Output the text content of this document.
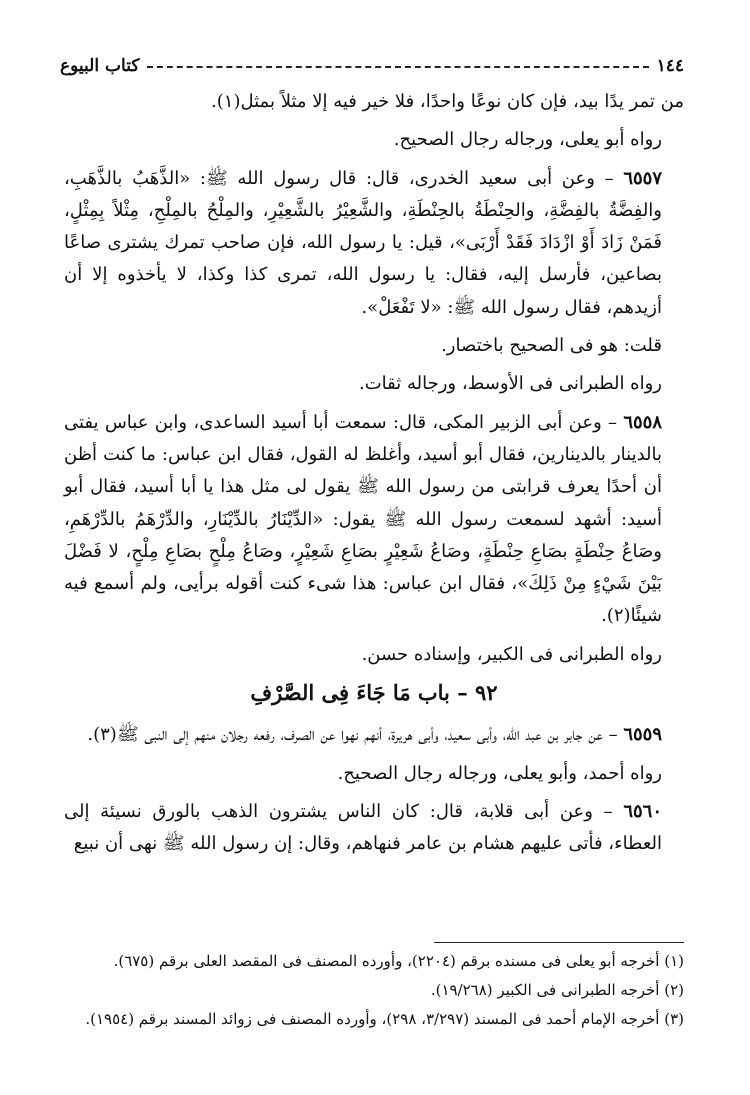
١٤٤
كتاب البيوع

من تمر يدًا بيد، فإن كان نوعًا واحدًا، فلا خير فيه إلا مثلاً بمثل(١).

رواه أبو يعلى، ورجاله رجال الصحيح.

٦٥٥٧ – وعن أبى سعيد الخدرى، قال: قال رسول الله ﷺ: «الذَّهَبُ بالذَّهَبِ، والفِضَّةُ بالفِضَّةِ، والحِنْطَةُ بالحِنْطَةِ، والشَّعِيْرُ بالشَّعِيْرِ، والمِلْحُ بالمِلْحِ، مِثْلاً بِمِثْلٍ، فَمَنْ زَادَ أَوْ ازْدَادَ فَقَدْ أَرْبَى»، قيل: يا رسول الله، فإن صاحب تمرك يشترى صاعًا بصاعين، فأرسل إليه، فقال: يا رسول الله، تمرى كذا وكذا، لا يأخذوه إلا أن أزيدهم، فقال رسول الله ﷺ: «لا تَفْعَلْ».

قلت: هو فى الصحيح باختصار.

رواه الطبرانى فى الأوسط، ورجاله ثقات.

٦٥٥٨ – وعن أبى الزبير المكى، قال: سمعت أبا أسيد الساعدى، وابن عباس يفتى بالدينار بالدينارين، فقال أبو أسيد، وأغلظ له القول، فقال ابن عباس: ما كنت أظن أن أحدًا يعرف قرابتى من رسول الله ﷺ يقول لى مثل هذا يا أبا أسيد، فقال أبو أسيد: أشهد لسمعت رسول الله ﷺ يقول: «الدِّيْنَارُ بالدِّيْنَارِ، والدِّرْهَمُ بالدِّرْهَمِ، وصَاعُ حِنْطَةٍ بصَاعِ حِنْطَةٍ، وصَاعُ شَعِيْرٍ بصَاعِ شَعِيْرٍ، وصَاعُ مِلْحٍ بصَاعِ مِلْحٍ، لا فَضْلَ بَيْنَ شَيْءٍ مِنْ ذَلِكَ»، فقال ابن عباس: هذا شىء كنت أقوله برأيى، ولم أسمع فيه شيئًا(٢).

رواه الطبرانى فى الكبير، وإسناده حسن.

٩٢ – باب مَا جَاءَ فِى الصَّرْفِ

٦٥٥٩ – عن جابر بن عبد الله، وأبى سعيد، وأبى هريرة، أنهم نهوا عن الصرف، رفعه رجلان منهم إلى النبى ﷺ(٣).

رواه أحمد، وأبو يعلى، ورجاله رجال الصحيح.

٦٥٦٠ – وعن أبى قلابة، قال: كان الناس يشترون الذهب بالورق نسيئة إلى العطاء، فأتى عليهم هشام بن عامر فنهاهم، وقال: إن رسول الله ﷺ نهى أن نبيع

(١) أخرجه أبو يعلى فى مسنده برقم (٢٢٠٤)، وأورده المصنف فى المقصد العلى برقم (٦٧٥).

(٢) أخرجه الطبرانى فى الكبير (١٩/٢٦٨).

(٣) أخرجه الإمام أحمد فى المسند (٣/٢٩٧، ٢٩٨)، وأورده المصنف فى زوائد المسند برقم (١٩٥٤).
